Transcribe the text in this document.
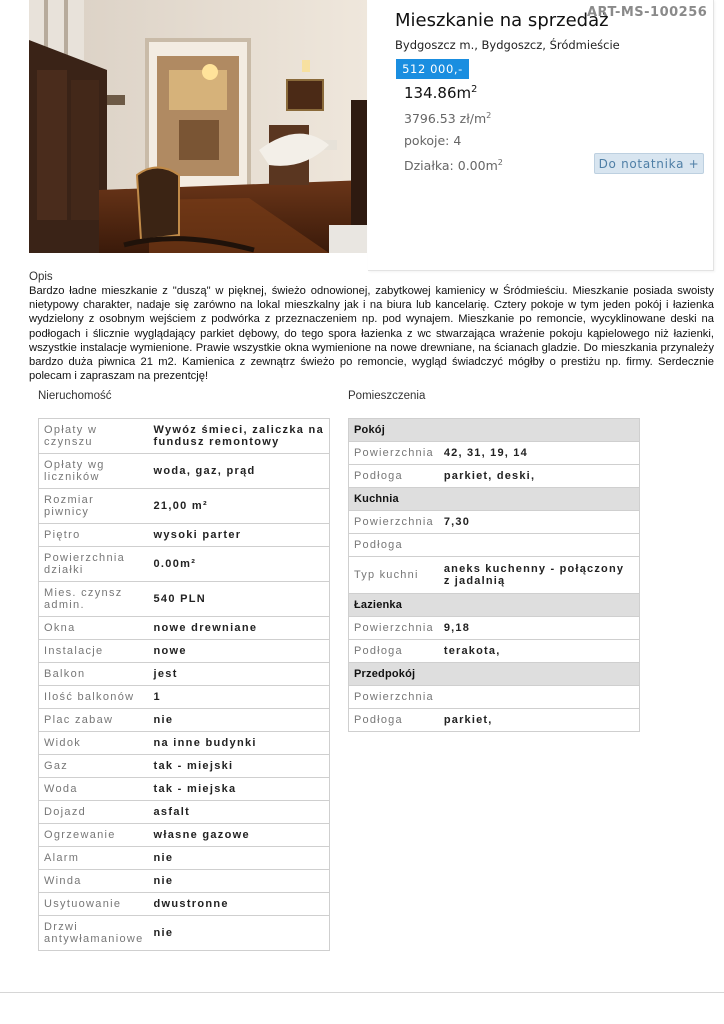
Mieszkanie na sprzedaż
ART-MS-100256
Bydgoszcz m., Bydgoszcz, Śródmieście
512 000,-
$134.86m^2$
3796.53 $zł/m^2$
pokoje: 4
Działka: $0.00m^2$	Do notatnika +
Opis
Bardzo ładne mieszkanie z "duszą" w pięknej, świeżo odnowionej, zabytkowej kamienicy w Śródmieściu. Mieszkanie posiada swoisty nietypowy charakter, nadaje się zarówno na lokal mieszkalny jak i na biura lub kancelarię. Cztery pokoje w tym jeden pokój i łazienka wydzielony z osobnym wejściem z podwórka z przeznaczeniem np. pod wynajem. Mieszkanie po remoncie, wycyklinowane deski na podłogach i ślicznie wyglądający parkiet dębowy, do tego spora łazienka z wc stwarzająca wrażenie pokoju kąpielowego niż łazienki, wszystkie instalacje wymienione. Prawie wszystkie okna wymienione na nowe drewniane, na ścianach gladzie. Do mieszkania przynależy bardzo duża piwnica 21 m2. Kamienica z zewnątrz świeżo po remoncie, wygląd świadczyć mógłby o prestiżu np. firmy. Serdecznie polecam i zapraszam na prezentcję!
Nieruchomość	Pomieszczenia
Opłaty w czynszu	Wywóz śmieci, zaliczka na fundusz remontowy
Opłaty wg liczników	woda, gaz, prąd
Rozmiar piwnicy	21,00 m²
Piętro	wysoki parter
Powierzchnia działki	0.00m²
Mies. czynsz admin.	540 PLN
Okna	nowe drewniane
Instalacje	nowe
Balkon	jest
Ilość balkonów	1
Plac zabaw	nie
Widok	na inne budynki
Gaz	tak - miejski
Woda	tak - miejska
Dojazd	asfalt
Ogrzewanie	własne gazowe
Alarm	nie
Winda	nie
Usytuowanie	dwustronne
Drzwi antywłamaniowe	nie
Pokój	
Powierzchnia	42, 31, 19, 14
Podłoga	parkiet, deski,
Kuchnia	
Powierzchnia	7,30
Podłoga	
Typ kuchni	aneks kuchenny - połączony z jadalnią
Łazienka	
Powierzchnia	9,18
Podłoga	terakota,
Przedpokój	
Powierzchnia	
Podłoga	parkiet,
